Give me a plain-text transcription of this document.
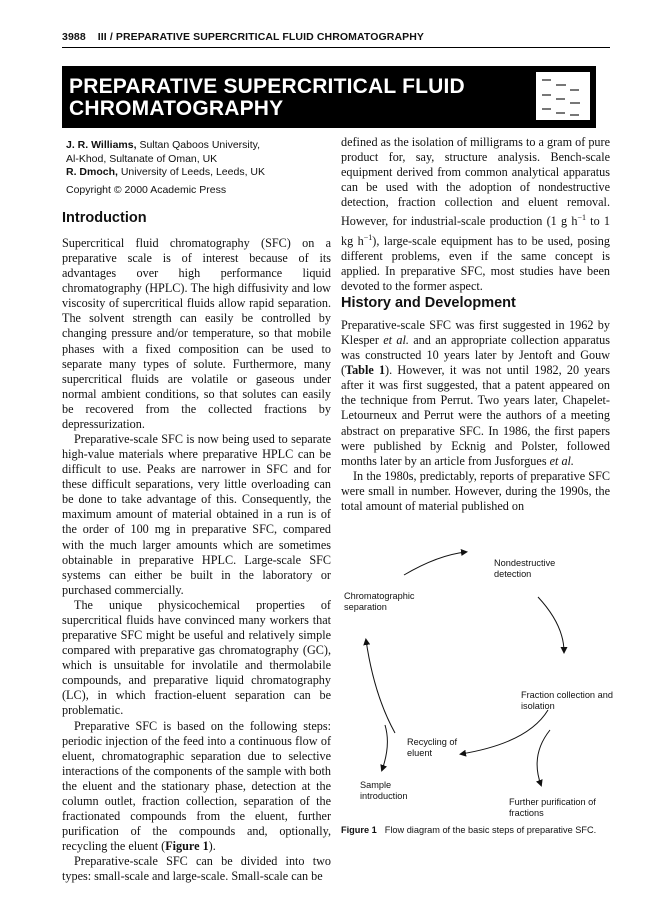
3988 III / PREPARATIVE SUPERCRITICAL FLUID CHROMATOGRAPHY
PREPARATIVE SUPERCRITICAL FLUID
CHROMATOGRAPHY
J. R. Williams, Sultan Qaboos University,
Al-Khod, Sultanate of Oman, UK
R. Dmoch, University of Leeds, Leeds, UK
Copyright © 2000 Academic Press
Introduction

Supercritical fluid chromatography (SFC) on a preparative scale is of interest because of its advantages over high performance liquid chromatography (HPLC). The high diffusivity and low viscosity of supercritical fluids allow rapid separation. The solvent strength can easily be controlled by changing pressure and/or temperature, so that mobile phases with a fixed composition can be used to separate many types of solute. Furthermore, many supercritical fluids are volatile or gaseous under normal ambient conditions, so that solutes can easily be recovered from the collected fractions by depressurization.

Preparative-scale SFC is now being used to separate high-value materials where preparative HPLC can be difficult to use. Peaks are narrower in SFC and for these difficult separations, very little overloading can be done to take advantage of this. Consequently, the maximum amount of material obtained in a run is of the order of 100 mg in preparative SFC, compared with the much larger amounts which are sometimes obtainable in preparative HPLC. Large-scale SFC systems can either be built in the laboratory or purchased commercially.

The unique physicochemical properties of supercritical fluids have convinced many workers that preparative SFC might be useful and relatively simple compared with preparative gas chromatography (GC), which is unsuitable for involatile and thermolabile compounds, and preparative liquid chromatography (LC), in which fraction-eluent separation can be problematic.

Preparative SFC is based on the following steps: periodic injection of the feed into a continuous flow of eluent, chromatographic separation due to selective interactions of the components of the sample with both the eluent and the stationary phase, detection at the column outlet, fraction collection, separation of the fractionated compounds from the eluent, further purification of the compounds and, optionally, recycling the eluent (Figure 1).

Preparative-scale SFC can be divided into two types: small-scale and large-scale. Small-scale can be

defined as the isolation of milligrams to a gram of pure product for, say, structure analysis. Bench-scale equipment derived from common analytical apparatus can be used with the adoption of nondestructive detection, fraction collection and eluent removal. However, for industrial-scale production (1 g $h^{-1}$ to 1 kg $h^{-1}$), large-scale equipment has to be used, posing different problems, even if the same concept is applied. In preparative SFC, most studies have been devoted to the former aspect.

History and Development

Preparative-scale SFC was first suggested in 1962 by Klesper et al. and an appropriate collection apparatus was constructed 10 years later by Jentoft and Gouw (Table 1). However, it was not until 1982, 20 years after it was first suggested, that a patent appeared on the technique from Perrut. Two years later, Chapelet-Letourneux and Perrut were the authors of a meeting abstract on preparative SFC. In 1986, the first papers were published by Ecknig and Polster, followed months later by an article from Jusforgues et al.

In the 1980s, predictably, reports of preparative SFC were small in number. However, during the 1990s, the total amount of material published on

Nondestructive detection
Chromatographic separation
Fraction collection and isolation
Recycling of eluent
Sample introduction
Further purification of fractions
Figure 1 Flow diagram of the basic steps of preparative SFC.
